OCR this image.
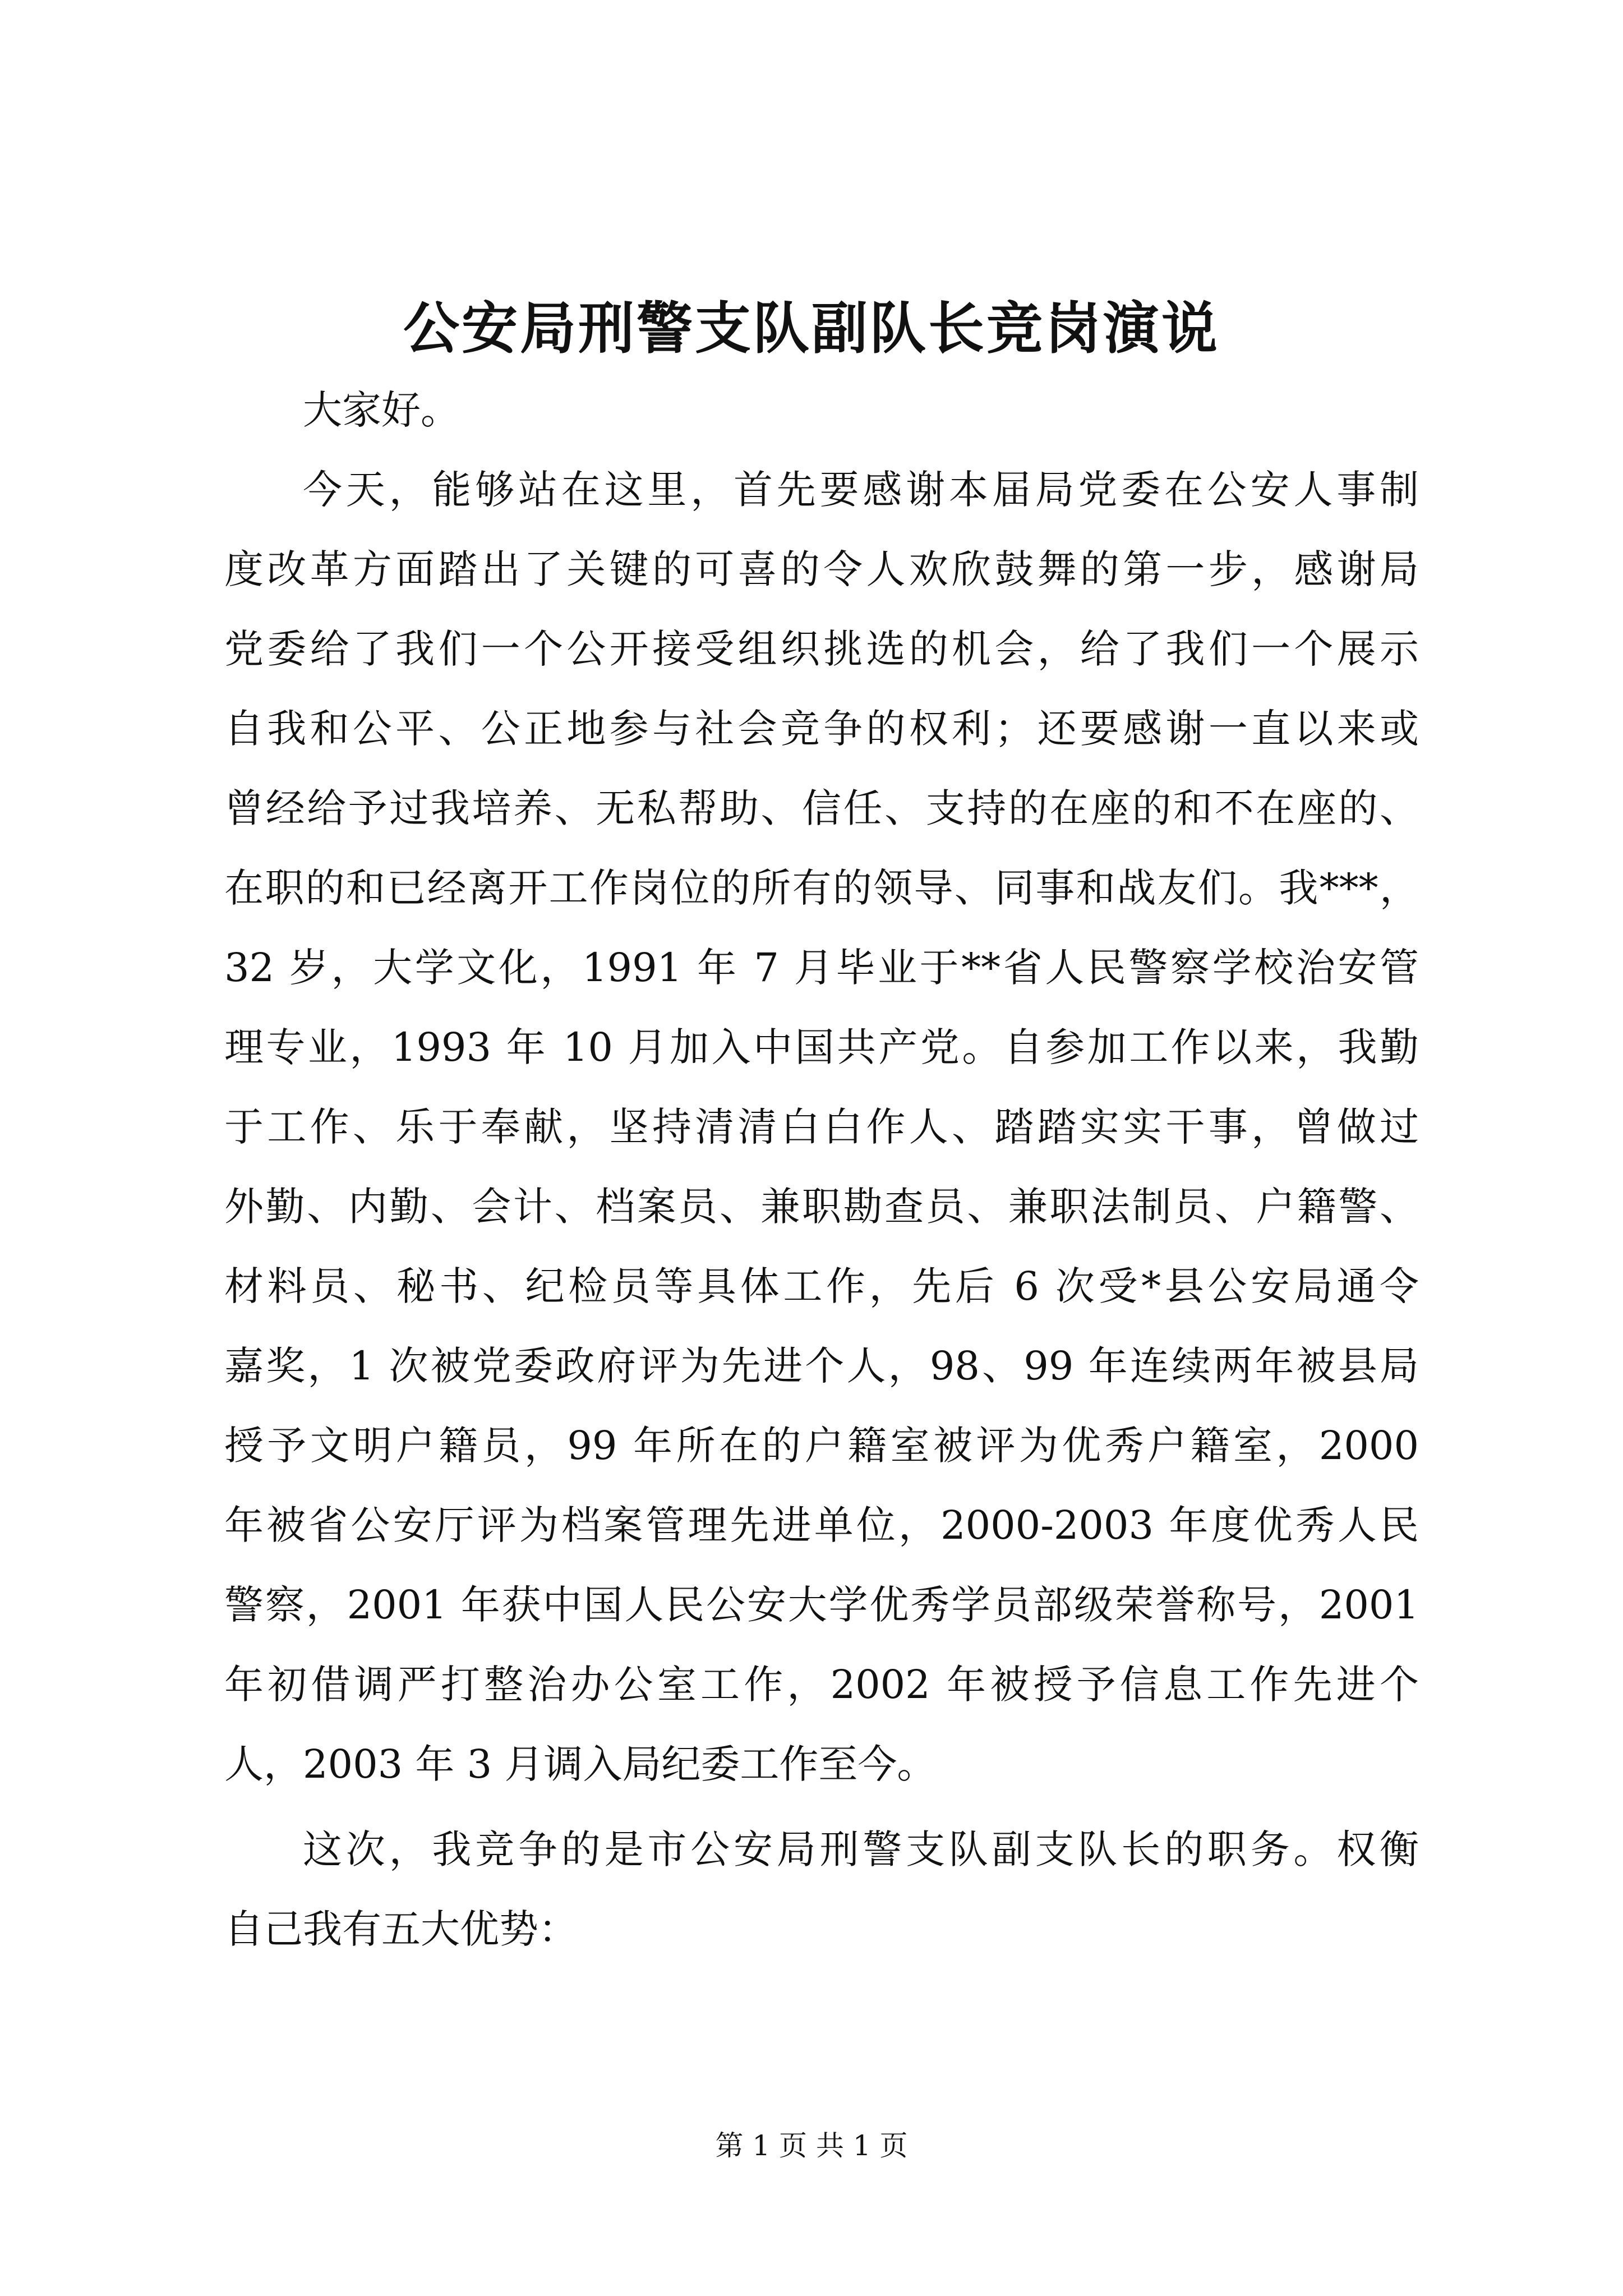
公安局刑警支队副队长竞岗演说
大家好。
今天，能够站在这里，首先要感谢本届局党委在公安人事制
度改革方面踏出了关键的可喜的令人欢欣鼓舞的第一步，感谢局
党委给了我们一个公开接受组织挑选的机会，给了我们一个展示
自我和公平、公正地参与社会竞争的权利；还要感谢一直以来或
曾经给予过我培养、无私帮助、信任、支持的在座的和不在座的、
在职的和已经离开工作岗位的所有的领导、同事和战友们。我***，
32 岁，大学文化，1991 年 7 月毕业于**省人民警察学校治安管
理专业，1993 年 10 月加入中国共产党。自参加工作以来，我勤
于工作、乐于奉献，坚持清清白白作人、踏踏实实干事，曾做过
外勤、内勤、会计、档案员、兼职勘查员、兼职法制员、户籍警、
材料员、秘书、纪检员等具体工作，先后 6 次受*县公安局通令
嘉奖，1 次被党委政府评为先进个人，98、99 年连续两年被县局
授予文明户籍员，99 年所在的户籍室被评为优秀户籍室，2000
年被省公安厅评为档案管理先进单位，2000-2003 年度优秀人民
警察，2001 年获中国人民公安大学优秀学员部级荣誉称号，2001
年初借调严打整治办公室工作，2002 年被授予信息工作先进个
人，2003 年 3 月调入局纪委工作至今。
这次，我竞争的是市公安局刑警支队副支队长的职务。权衡
自己我有五大优势：
第 1 页 共 1 页
